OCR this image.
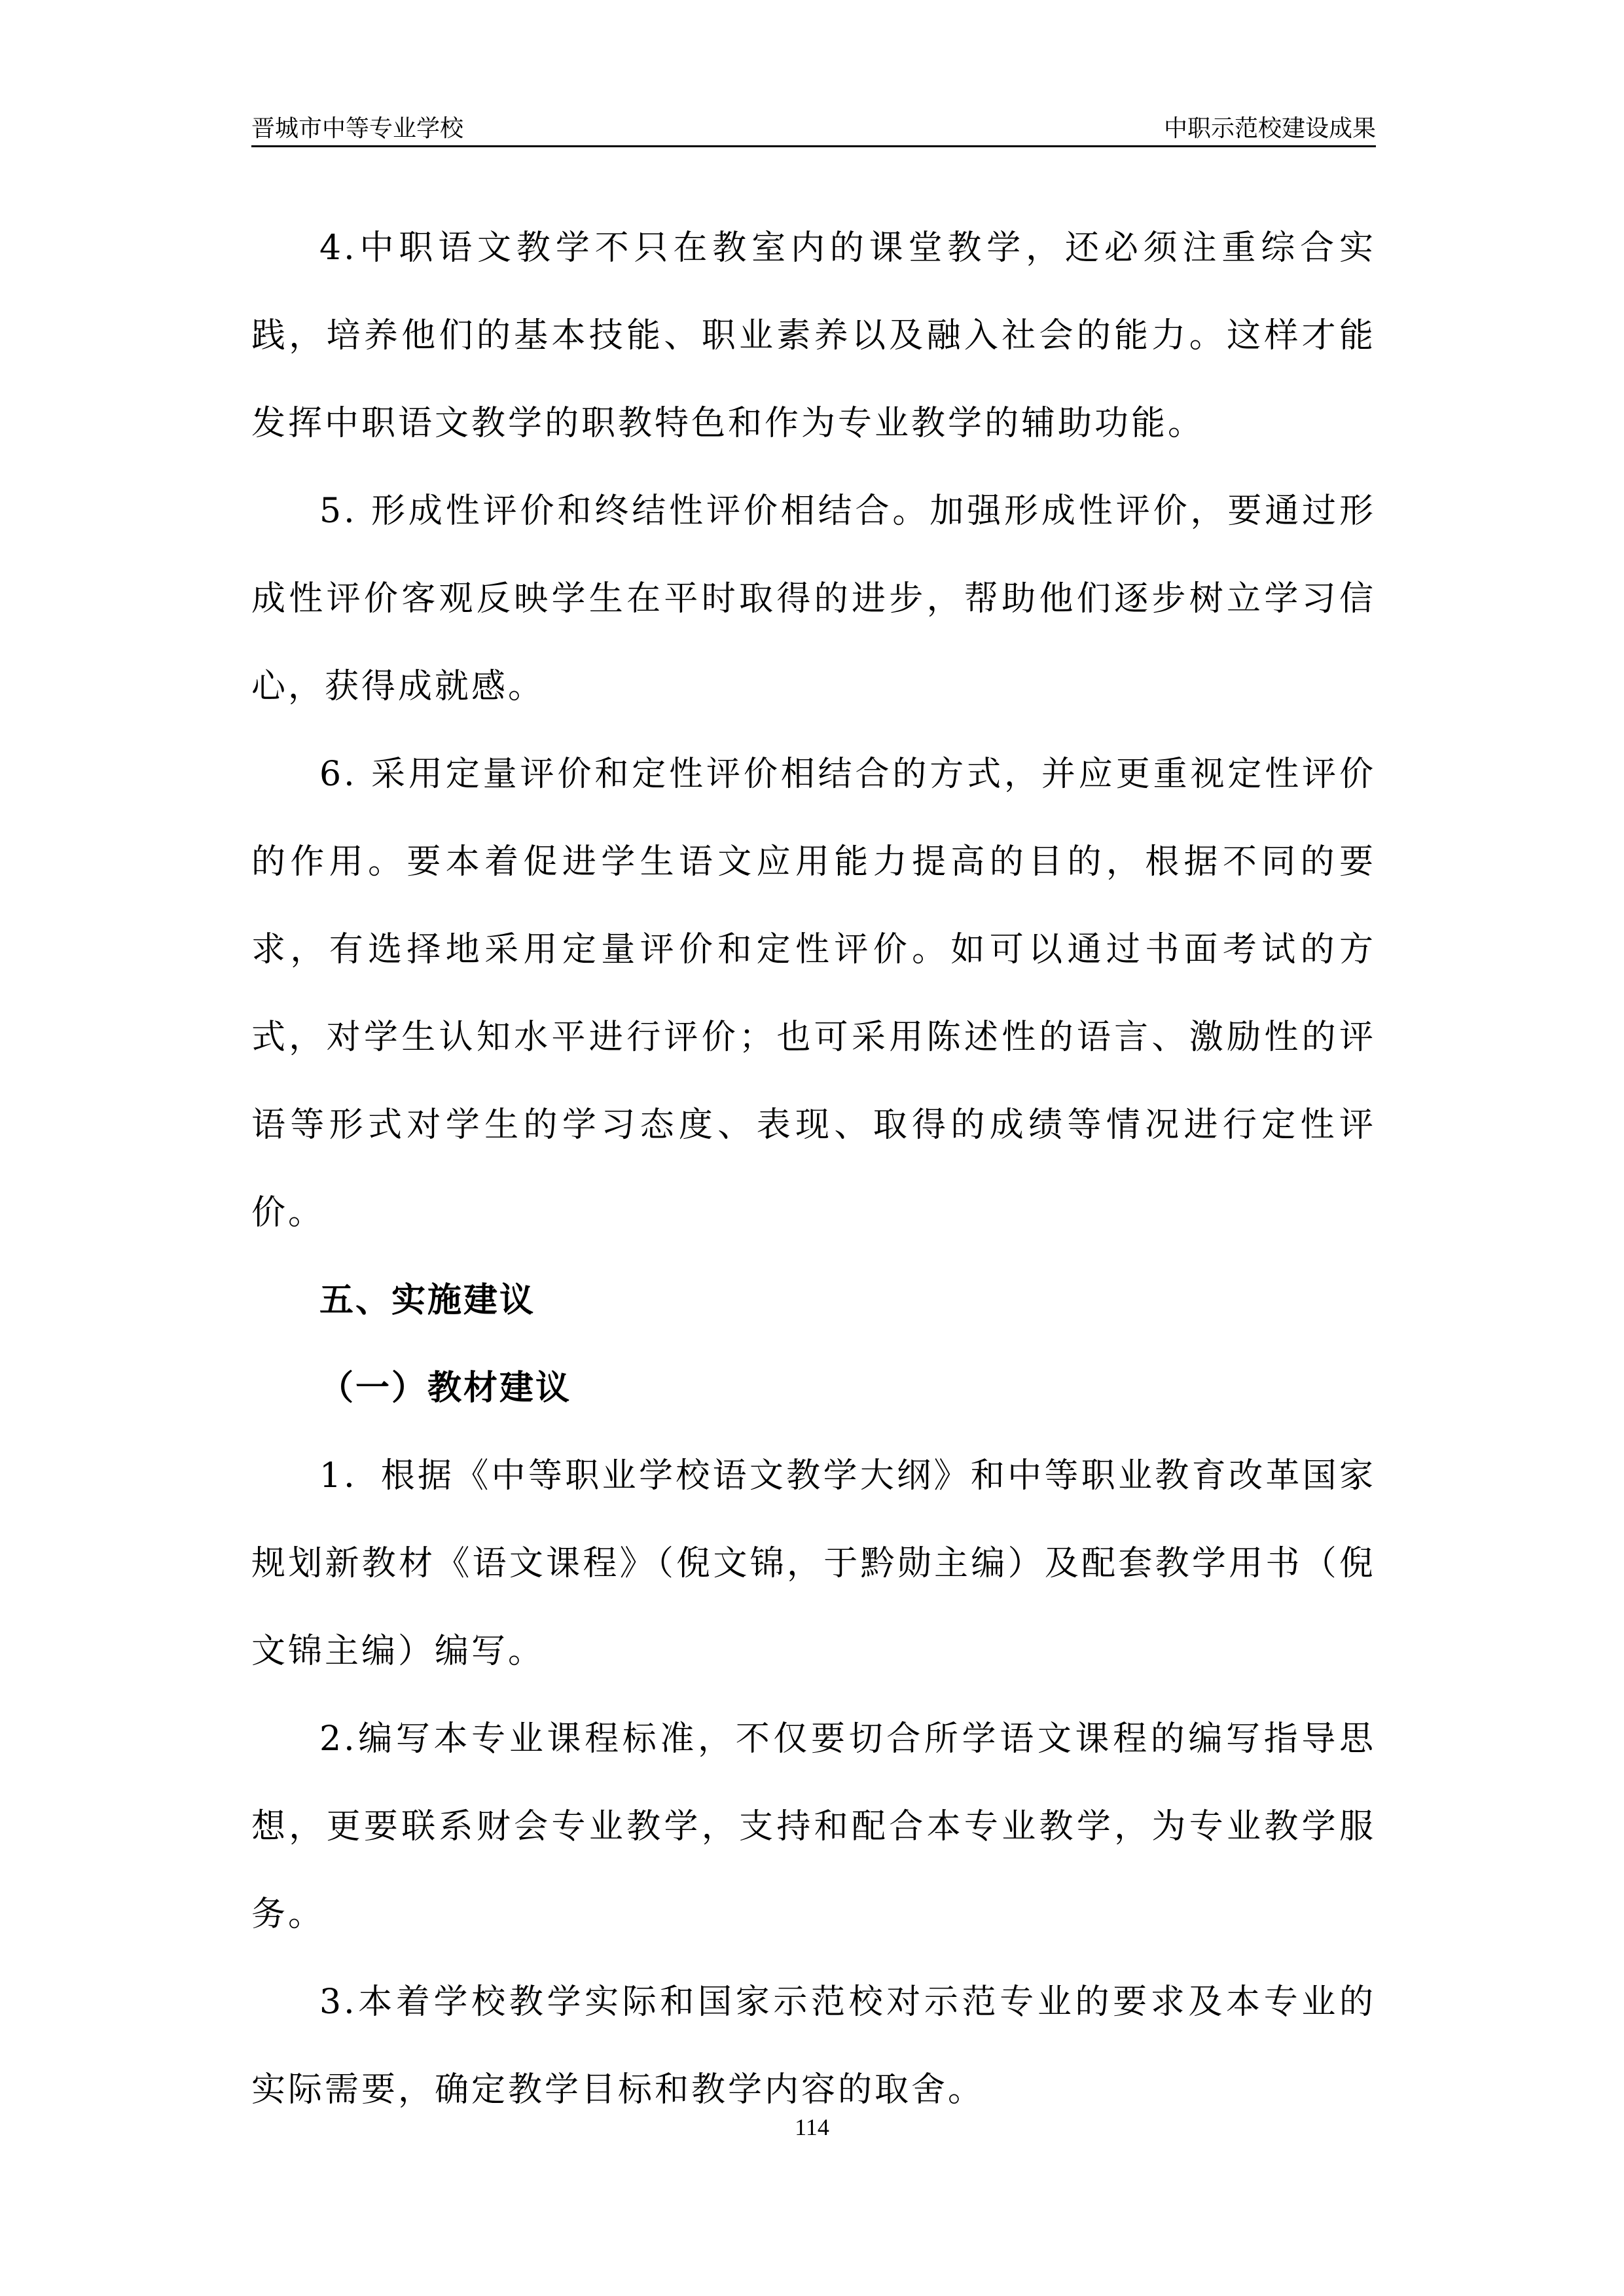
晋城市中等专业学校	中职示范校建设成果

4.中职语文教学不只在教室内的课堂教学，还必须注重综合实践，培养他们的基本技能、职业素养以及融入社会的能力。这样才能发挥中职语文教学的职教特色和作为专业教学的辅助功能。

5. 形成性评价和终结性评价相结合。加强形成性评价，要通过形成性评价客观反映学生在平时取得的进步，帮助他们逐步树立学习信心，获得成就感。

6. 采用定量评价和定性评价相结合的方式，并应更重视定性评价的作用。要本着促进学生语文应用能力提高的目的，根据不同的要求，有选择地采用定量评价和定性评价。如可以通过书面考试的方式，对学生认知水平进行评价；也可采用陈述性的语言、激励性的评语等形式对学生的学习态度、表现、取得的成绩等情况进行定性评价。

五、实施建议

（一）教材建议

1．根据《中等职业学校语文教学大纲》和中等职业教育改革国家规划新教材《语文课程》（倪文锦，于黔勋主编）及配套教学用书（倪文锦主编）编写。

2.编写本专业课程标准，不仅要切合所学语文课程的编写指导思想，更要联系财会专业教学，支持和配合本专业教学，为专业教学服务。

3.本着学校教学实际和国家示范校对示范专业的要求及本专业的实际需要，确定教学目标和教学内容的取舍。

114
